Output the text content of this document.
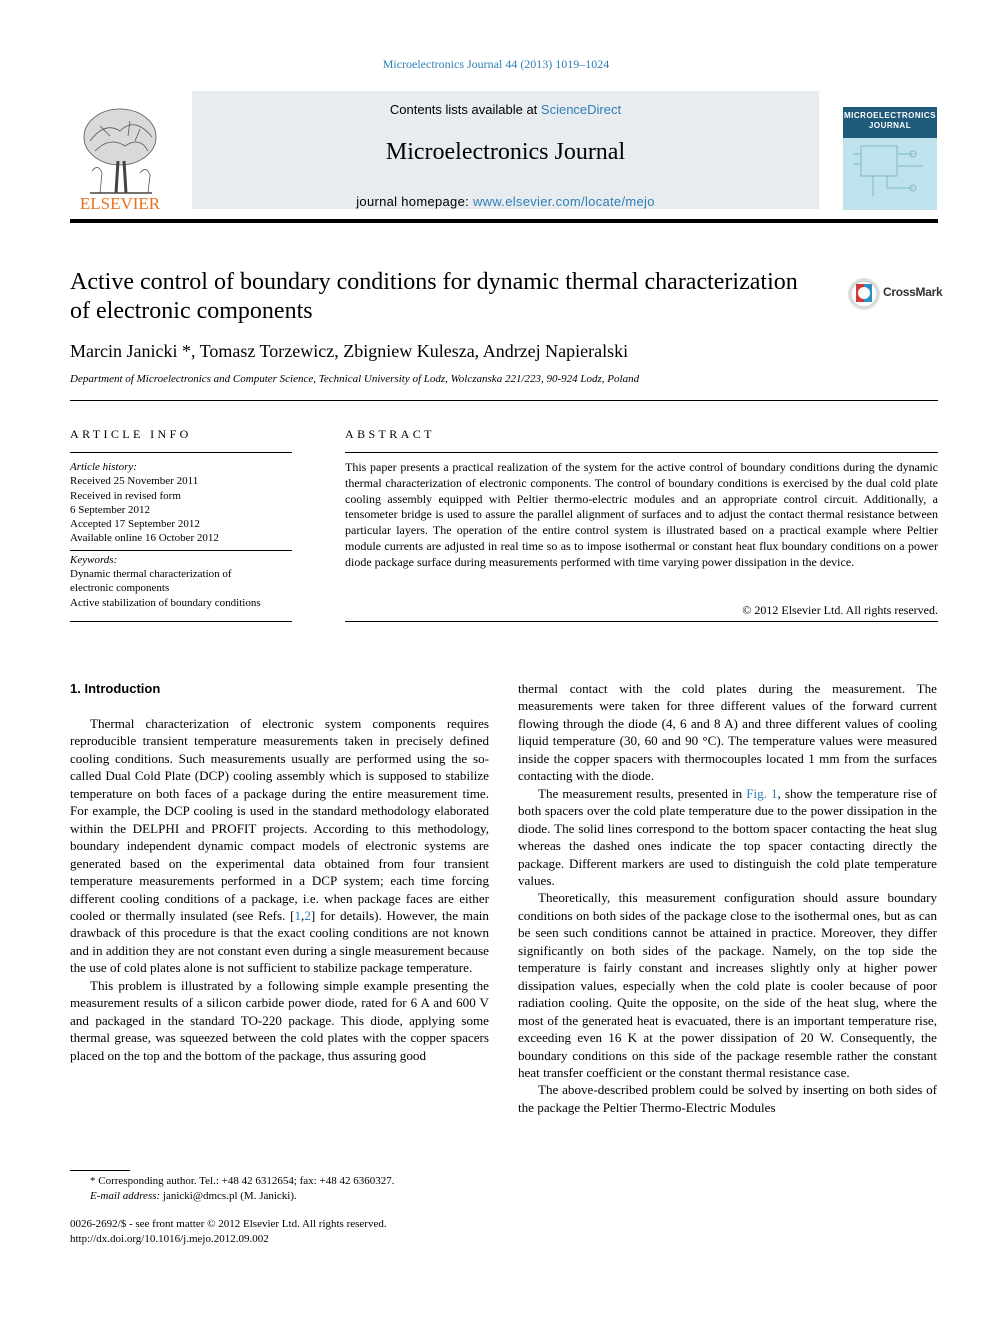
Microelectronics Journal 44 (2013) 1019–1024
ELSEVIER
Contents lists available at ScienceDirect
Microelectronics Journal
journal homepage: www.elsevier.com/locate/mejo
MICROELECTRONICS
JOURNAL
Active control of boundary conditions for dynamic thermal characterization of electronic components
CrossMark
Marcin Janicki *, Tomasz Torzewicz, Zbigniew Kulesza, Andrzej Napieralski
Department of Microelectronics and Computer Science, Technical University of Lodz, Wolczanska 221/223, 90-924 Lodz, Poland
ARTICLE INFO	ABSTRACT
Article history:
Received 25 November 2011
Received in revised form
6 September 2012
Accepted 17 September 2012
Available online 16 October 2012
Keywords:
Dynamic thermal characterization of
electronic components
Active stabilization of boundary conditions
This paper presents a practical realization of the system for the active control of boundary conditions during the dynamic thermal characterization of electronic components. The control of boundary conditions is exercised by the dual cold plate cooling assembly equipped with Peltier thermo-electric modules and an appropriate control circuit. Additionally, a tensometer bridge is used to assure the parallel alignment of surfaces and to adjust the contact thermal resistance between particular layers. The operation of the entire control system is illustrated based on a practical example where Peltier module currents are adjusted in real time so as to impose isothermal or constant heat flux boundary conditions on a power diode package surface during measurements performed with time varying power dissipation in the device.
© 2012 Elsevier Ltd. All rights reserved.
1. Introduction

Thermal characterization of electronic system components requires reproducible transient temperature measurements taken in precisely defined cooling conditions. Such measurements usually are performed using the so-called Dual Cold Plate (DCP) cooling assembly which is supposed to stabilize temperature on both faces of a package during the entire measurement time. For example, the DCP cooling is used in the standard methodology elaborated within the DELPHI and PROFIT projects. According to this methodology, boundary independent dynamic compact models of electronic systems are generated based on the experimental data obtained from four transient temperature measurements performed in a DCP system; each time forcing different cooling conditions of a package, i.e. when package faces are either cooled or thermally insulated (see Refs. [1,2] for details). However, the main drawback of this procedure is that the exact cooling conditions are not known and in addition they are not constant even during a single measurement because the use of cold plates alone is not sufficient to stabilize package temperature.

This problem is illustrated by a following simple example presenting the measurement results of a silicon carbide power diode, rated for 6 A and 600 V and packaged in the standard TO-220 package. This diode, applying some thermal grease, was squeezed between the cold plates with the copper spacers placed on the top and the bottom of the package, thus assuring good

thermal contact with the cold plates during the measurement. The measurements were taken for three different values of the forward current flowing through the diode (4, 6 and 8 A) and three different values of cooling liquid temperature (30, 60 and 90 °C). The temperature values were measured inside the copper spacers with thermocouples located 1 mm from the surfaces contacting with the diode.

The measurement results, presented in Fig. 1, show the temperature rise of both spacers over the cold plate temperature due to the power dissipation in the diode. The solid lines correspond to the bottom spacer contacting the heat slug whereas the dashed ones indicate the top spacer contacting directly the package. Different markers are used to distinguish the cold plate temperature values.

Theoretically, this measurement configuration should assure boundary conditions on both sides of the package close to the isothermal ones, but as can be seen such conditions cannot be attained in practice. Moreover, they differ significantly on both sides of the package. Namely, on the top side the temperature is fairly constant and increases slightly only at higher power dissipation values, especially when the cold plate is cooler because of poor radiation cooling. Quite the opposite, on the side of the heat slug, where the most of the generated heat is evacuated, there is an important temperature rise, exceeding even 16 K at the power dissipation of 20 W. Consequently, the boundary conditions on this side of the package resemble rather the constant heat transfer coefficient or the constant thermal resistance case.

The above-described problem could be solved by inserting on both sides of the package the Peltier Thermo-Electric Modules

* Corresponding author. Tel.: +48 42 6312654; fax: +48 42 6360327.
E-mail address: janicki@dmcs.pl (M. Janicki).
0026-2692/$ - see front matter © 2012 Elsevier Ltd. All rights reserved.
http://dx.doi.org/10.1016/j.mejo.2012.09.002
